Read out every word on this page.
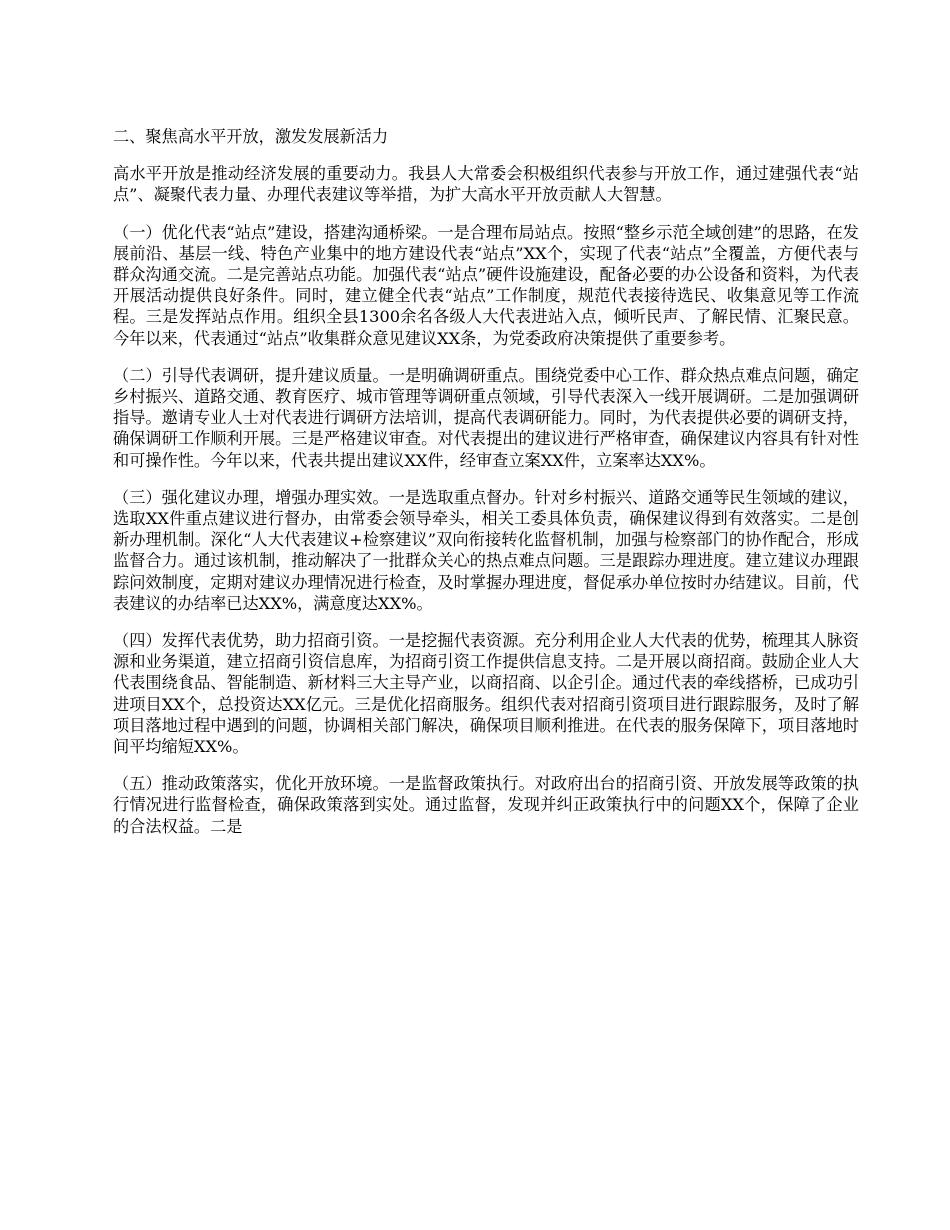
二、聚焦高水平开放，激发发展新活力

高水平开放是推动经济发展的重要动力。我县人大常委会积极组织代表参与开放工作，通过建强代表“站点”、凝聚代表力量、办理代表建议等举措，为扩大高水平开放贡献人大智慧。

（一）优化代表“站点”建设，搭建沟通桥梁。一是合理布局站点。按照“整乡示范全域创建”的思路，在发展前沿、基层一线、特色产业集中的地方建设代表“站点”XX个，实现了代表“站点”全覆盖，方便代表与群众沟通交流。二是完善站点功能。加强代表“站点”硬件设施建设，配备必要的办公设备和资料，为代表开展活动提供良好条件。同时，建立健全代表“站点”工作制度，规范代表接待选民、收集意见等工作流程。三是发挥站点作用。组织全县1300余名各级人大代表进站入点，倾听民声、了解民情、汇聚民意。今年以来，代表通过“站点”收集群众意见建议XX条，为党委政府决策提供了重要参考。

（二）引导代表调研，提升建议质量。一是明确调研重点。围绕党委中心工作、群众热点难点问题，确定乡村振兴、道路交通、教育医疗、城市管理等调研重点领域，引导代表深入一线开展调研。二是加强调研指导。邀请专业人士对代表进行调研方法培训，提高代表调研能力。同时，为代表提供必要的调研支持，确保调研工作顺利开展。三是严格建议审查。对代表提出的建议进行严格审查，确保建议内容具有针对性和可操作性。今年以来，代表共提出建议XX件，经审查立案XX件，立案率达XX%。

（三）强化建议办理，增强办理实效。一是选取重点督办。针对乡村振兴、道路交通等民生领域的建议，选取XX件重点建议进行督办，由常委会领导牵头，相关工委具体负责，确保建议得到有效落实。二是创新办理机制。深化“人大代表建议+检察建议”双向衔接转化监督机制，加强与检察部门的协作配合，形成监督合力。通过该机制，推动解决了一批群众关心的热点难点问题。三是跟踪办理进度。建立建议办理跟踪问效制度，定期对建议办理情况进行检查，及时掌握办理进度，督促承办单位按时办结建议。目前，代表建议的办结率已达XX%，满意度达XX%。

（四）发挥代表优势，助力招商引资。一是挖掘代表资源。充分利用企业人大代表的优势，梳理其人脉资源和业务渠道，建立招商引资信息库，为招商引资工作提供信息支持。二是开展以商招商。鼓励企业人大代表围绕食品、智能制造、新材料三大主导产业，以商招商、以企引企。通过代表的牵线搭桥，已成功引进项目XX个，总投资达XX亿元。三是优化招商服务。组织代表对招商引资项目进行跟踪服务，及时了解项目落地过程中遇到的问题，协调相关部门解决，确保项目顺利推进。在代表的服务保障下，项目落地时间平均缩短XX%。

（五）推动政策落实，优化开放环境。一是监督政策执行。对政府出台的招商引资、开放发展等政策的执行情况进行监督检查，确保政策落到实处。通过监督，发现并纠正政策执行中的问题XX个，保障了企业的合法权益。二是
